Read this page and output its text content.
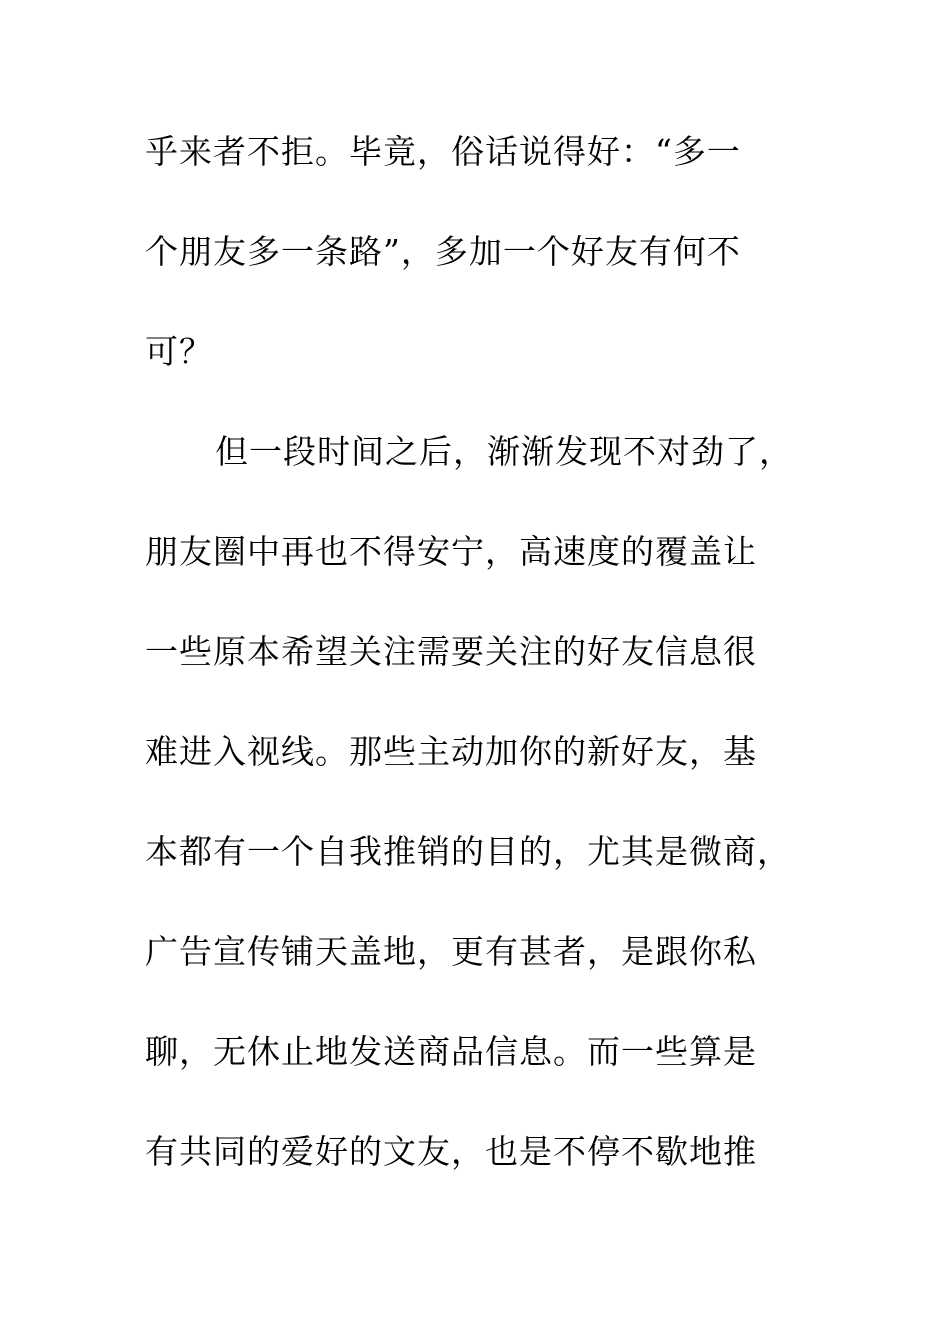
乎来者不拒。毕竟，俗话说得好：“多一
个朋友多一条路”，多加一个好友有何不
可？
但一段时间之后，渐渐发现不对劲了，
朋友圈中再也不得安宁，高速度的覆盖让
一些原本希望关注需要关注的好友信息很
难进入视线。那些主动加你的新好友，基
本都有一个自我推销的目的，尤其是微商，
广告宣传铺天盖地，更有甚者，是跟你私
聊，无休止地发送商品信息。而一些算是
有共同的爱好的文友，也是不停不歇地推
